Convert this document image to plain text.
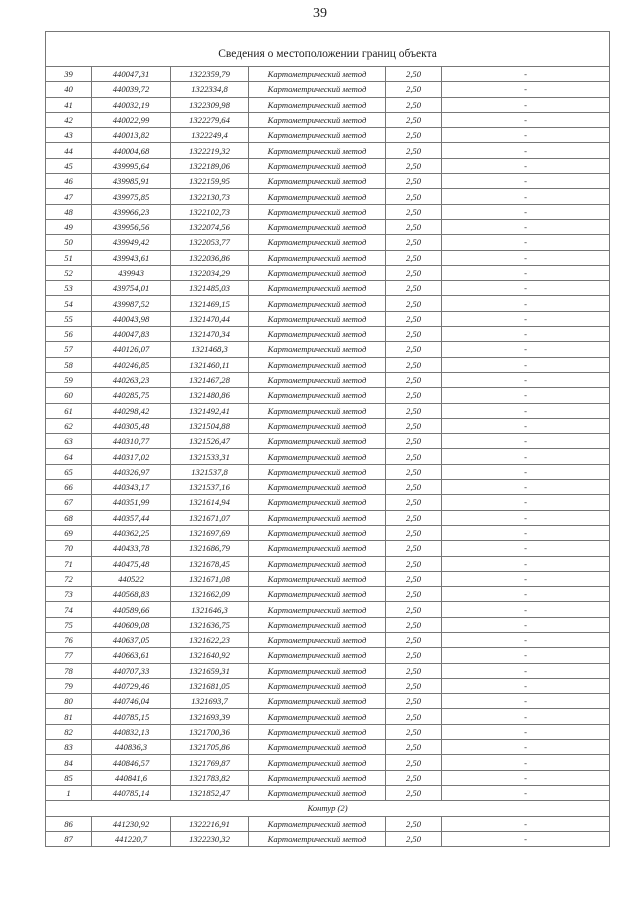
39
Сведения о местоположении границ объекта					
39	440047,31	1322359,79	Картометрический метод	2,50	-
40	440039,72	1322334,8	Картометрический метод	2,50	-
41	440032,19	1322309,98	Картометрический метод	2,50	-
42	440022,99	1322279,64	Картометрический метод	2,50	-
43	440013,82	1322249,4	Картометрический метод	2,50	-
44	440004,68	1322219,32	Картометрический метод	2,50	-
45	439995,64	1322189,06	Картометрический метод	2,50	-
46	439985,91	1322159,95	Картометрический метод	2,50	-
47	439975,85	1322130,73	Картометрический метод	2,50	-
48	439966,23	1322102,73	Картометрический метод	2,50	-
49	439956,56	1322074,56	Картометрический метод	2,50	-
50	439949,42	1322053,77	Картометрический метод	2,50	-
51	439943,61	1322036,86	Картометрический метод	2,50	-
52	439943	1322034,29	Картометрический метод	2,50	-
53	439754,01	1321485,03	Картометрический метод	2,50	-
54	439987,52	1321469,15	Картометрический метод	2,50	-
55	440043,98	1321470,44	Картометрический метод	2,50	-
56	440047,83	1321470,34	Картометрический метод	2,50	-
57	440126,07	1321468,3	Картометрический метод	2,50	-
58	440246,85	1321460,11	Картометрический метод	2,50	-
59	440263,23	1321467,28	Картометрический метод	2,50	-
60	440285,75	1321480,86	Картометрический метод	2,50	-
61	440298,42	1321492,41	Картометрический метод	2,50	-
62	440305,48	1321504,88	Картометрический метод	2,50	-
63	440310,77	1321526,47	Картометрический метод	2,50	-
64	440317,02	1321533,31	Картометрический метод	2,50	-
65	440326,97	1321537,8	Картометрический метод	2,50	-
66	440343,17	1321537,16	Картометрический метод	2,50	-
67	440351,99	1321614,94	Картометрический метод	2,50	-
68	440357,44	1321671,07	Картометрический метод	2,50	-
69	440362,25	1321697,69	Картометрический метод	2,50	-
70	440433,78	1321686,79	Картометрический метод	2,50	-
71	440475,48	1321678,45	Картометрический метод	2,50	-
72	440522	1321671,08	Картометрический метод	2,50	-
73	440568,83	1321662,09	Картометрический метод	2,50	-
74	440589,66	1321646,3	Картометрический метод	2,50	-
75	440609,08	1321636,75	Картометрический метод	2,50	-
76	440637,05	1321622,23	Картометрический метод	2,50	-
77	440663,61	1321640,92	Картометрический метод	2,50	-
78	440707,33	1321659,31	Картометрический метод	2,50	-
79	440729,46	1321681,05	Картометрический метод	2,50	-
80	440746,04	1321693,7	Картометрический метод	2,50	-
81	440785,15	1321693,39	Картометрический метод	2,50	-
82	440832,13	1321700,36	Картометрический метод	2,50	-
83	440836,3	1321705,86	Картометрический метод	2,50	-
84	440846,57	1321769,87	Картометрический метод	2,50	-
85	440841,6	1321783,82	Картометрический метод	2,50	-
1	440785,14	1321852,47	Картометрический метод	2,50	-
Контур (2)					
86	441230,92	1322216,91	Картометрический метод	2,50	-
87	441220,7	1322230,32	Картометрический метод	2,50	-
